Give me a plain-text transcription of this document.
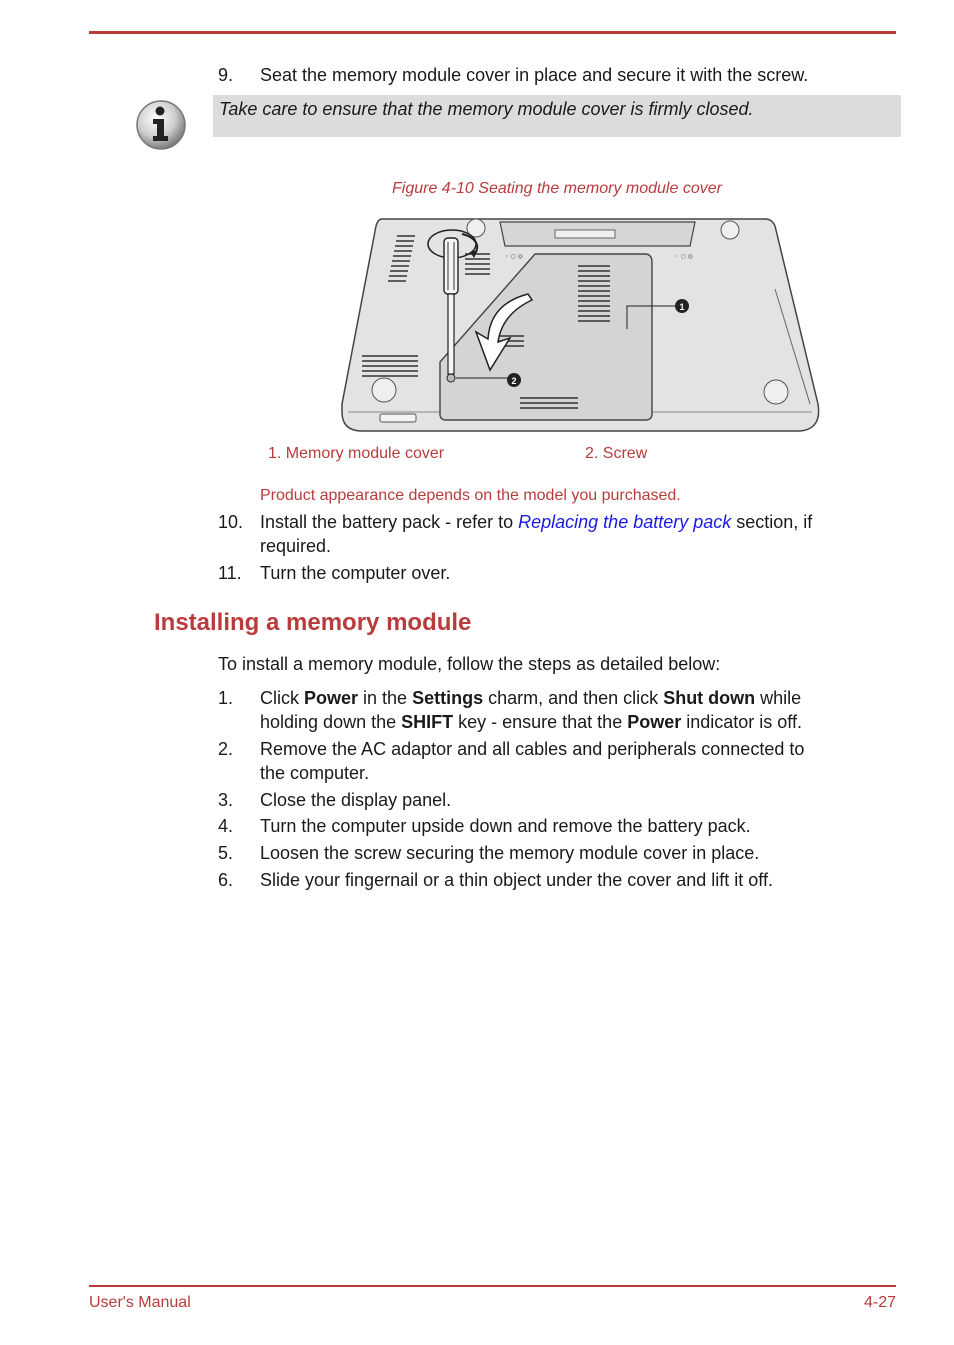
9. Seat the memory module cover in place and secure it with the screw.
Take care to ensure that the memory module cover is firmly closed.
Figure 4-10 Seating the memory module cover
◦ ○ ◎	◦ ○ ◎
1
2
1. Memory module cover	2. Screw
Product appearance depends on the model you purchased.
10. Install the battery pack - refer to Replacing the battery pack section, if
required.
11. Turn the computer over.
Installing a memory module
To install a memory module, follow the steps as detailed below:
1. Click Power in the Settings charm, and then click Shut down while
holding down the SHIFT key - ensure that the Power indicator is off.
2. Remove the AC adaptor and all cables and peripherals connected to
the computer.
3. Close the display panel.
4. Turn the computer upside down and remove the battery pack.
5. Loosen the screw securing the memory module cover in place.
6. Slide your fingernail or a thin object under the cover and lift it off.
User's Manual	4-27
